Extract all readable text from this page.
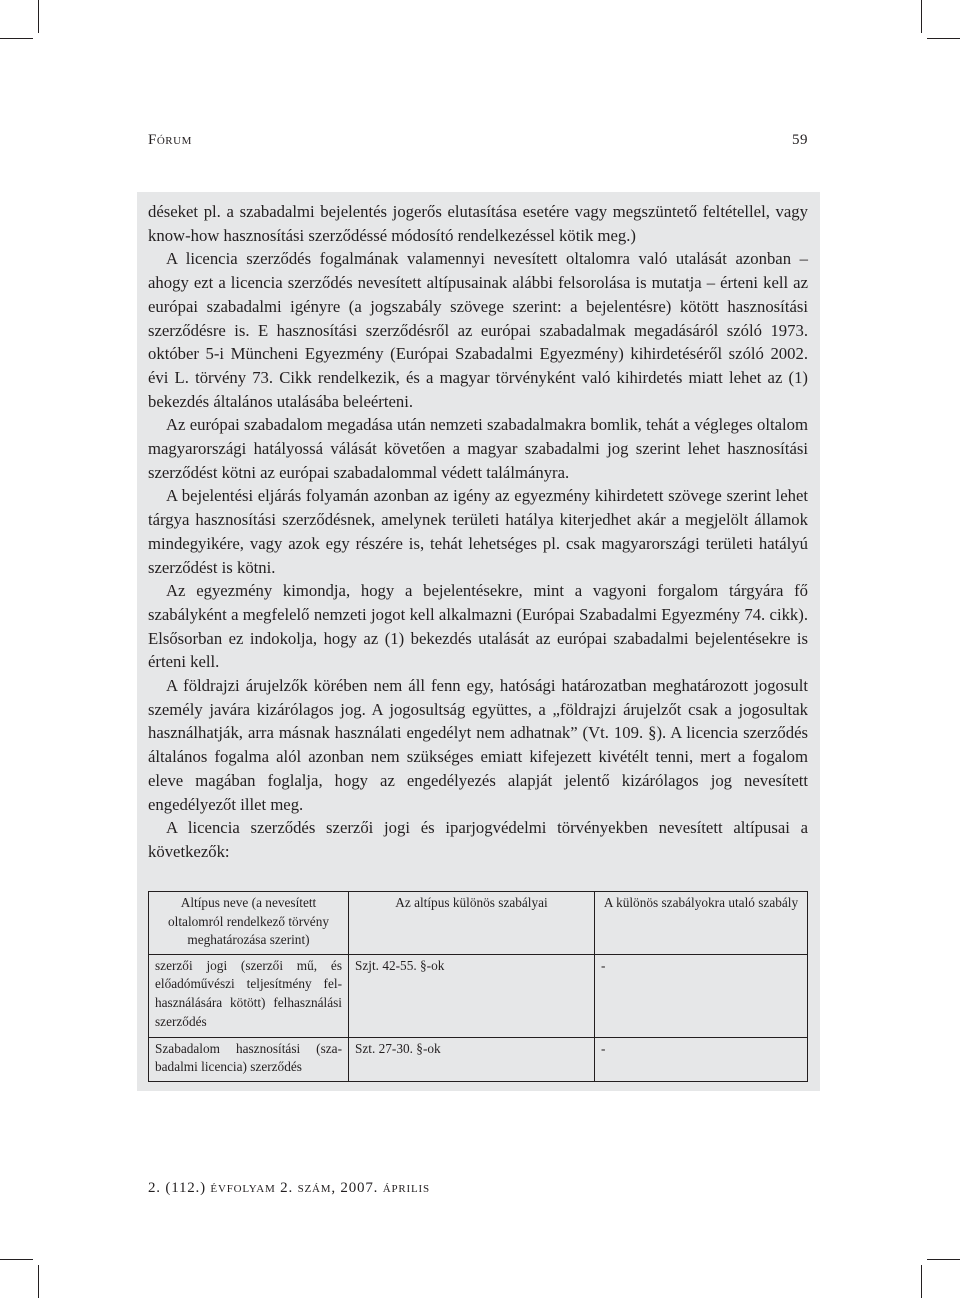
Fórum	59

déseket pl. a szabadalmi bejelentés jogerős elutasítása esetére vagy megszüntető feltétellel, vagy know-how hasznosítási szerződéssé módosító rendelkezéssel kötik meg.)

A licencia szerződés fogalmának valamennyi nevesített oltalomra való utalását azonban – ahogy ezt a licencia szerződés nevesített altípusainak alábbi felsorolása is mutatja – érteni kell az európai szabadalmi igényre (a jogszabály szövege szerint: a bejelentésre) kötött hasznosítási szerződésre is. E hasznosítási szerződésről az európai szabadalmak megadásáról szóló 1973. október 5-i Müncheni Egyezmény (Európai Szabadalmi Egyezmény) kihirdetéséről szóló 2002. évi L. törvény 73. Cikk rendelkezik, és a magyar törvényként való kihirdetés miatt lehet az (1) bekezdés általános utalásába beleérteni.

Az európai szabadalom megadása után nemzeti szabadalmakra bomlik, tehát a végleges oltalom magyarországi hatályossá válását követően a magyar szabadalmi jog szerint lehet hasznosítási szerződést kötni az európai szabadalommal védett találmányra.

A bejelentési eljárás folyamán azonban az igény az egyezmény kihirdetett szövege szerint lehet tárgya hasznosítási szerződésnek, amelynek területi hatálya kiterjedhet akár a megjelölt államok mindegyikére, vagy azok egy részére is, tehát lehetséges pl. csak magyarországi területi hatályú szerződést is kötni.

Az egyezmény kimondja, hogy a bejelentésekre, mint a vagyoni forgalom tárgyára fő szabályként a megfelelő nemzeti jogot kell alkalmazni (Európai Szabadalmi Egyezmény 74. cikk). Elsősorban ez indokolja, hogy az (1) bekezdés utalását az európai szabadalmi bejelentésekre is érteni kell.

A földrajzi árujelzők körében nem áll fenn egy, hatósági határozatban meghatározott jogosult személy javára kizárólagos jog. A jogosultság együttes, a „földrajzi árujelzőt csak a jogosultak használhatják, arra másnak használati engedélyt nem adhatnak” (Vt. 109. §). A licencia szerződés általános fogalma alól azonban nem szükséges emiatt kifejezett kivétélt tenni, mert a fogalom eleve magában foglalja, hogy az engedélyezés alapját jelentő kizárólagos jog nevesített engedélyezőt illet meg.

A licencia szerződés szerzői jogi és iparjogvédelmi törvényekben nevesített altípusai a következők:

Altípus neve (a nevesített oltalomról rendelkező törvény meghatározása szerint)	Az altípus különös szabályai	A különös szabályokra utaló szabály
szerzői jogi (szerzői mű, és előadóművészi teljesítmény felhasználására kötött) felhasználási szerződés	Szjt. 42-55. §-ok	-
Szabadalom hasznosítási (szabadalmi licencia) szerződés	Szt. 27-30. §-ok	-
2. (112.) évfolyam 2. szám, 2007. április
